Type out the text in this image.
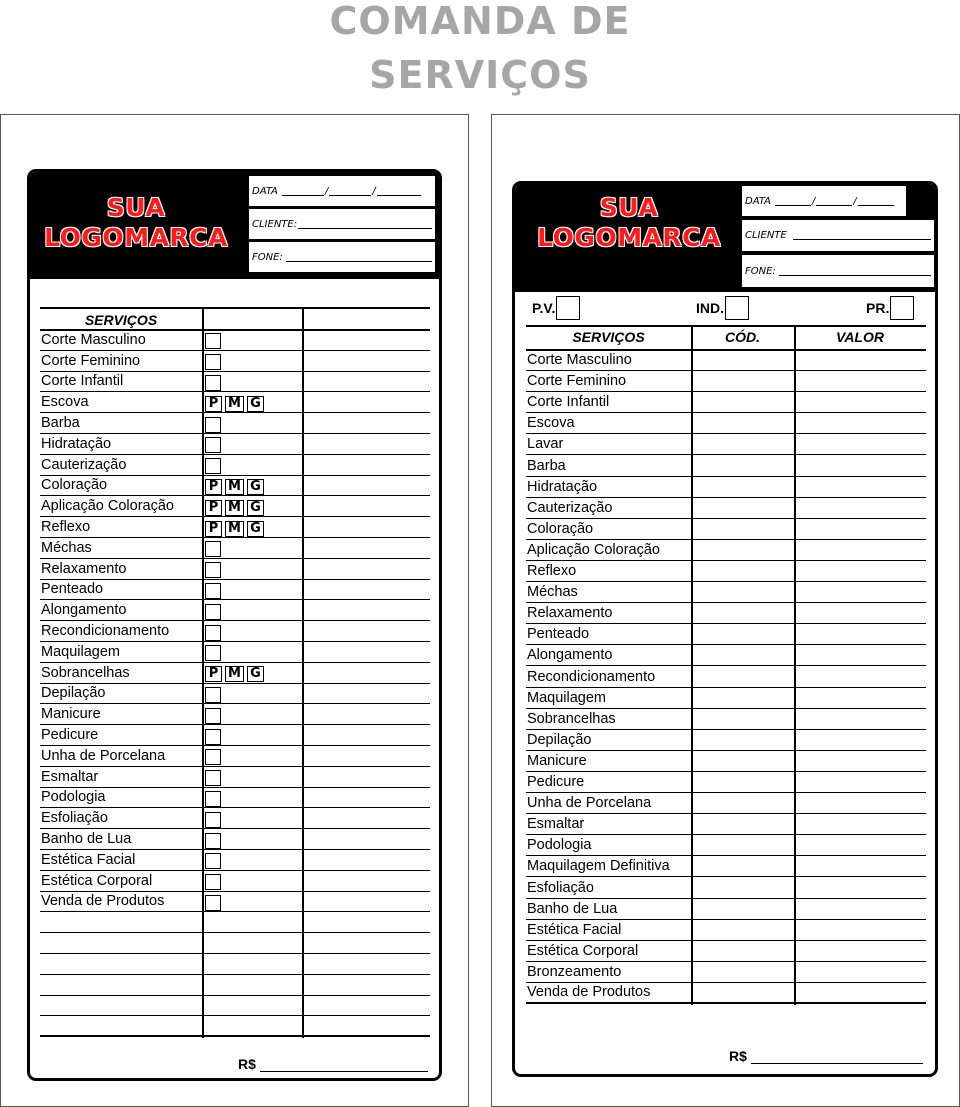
COMANDA DE
SERVIÇOS
SUA
LOGOMARCA
DATA	/	/
CLIENTE:
FONE:
SERVIÇOS
Corte Masculino
Corte Feminino
Corte Infantil
Escova	P M G
Barba
Hidratação
Cauterização
Coloração	P M G
Aplicação Coloração	P M G
Reflexo	P M G
Méchas
Relaxamento
Penteado
Alongamento
Recondicionamento
Maquilagem
Sobrancelhas	P M G
Depilação
Manicure
Pedicure
Unha de Porcelana
Esmaltar
Podologia
Esfoliação
Banho de Lua
Estética Facial
Estética Corporal
Venda de Produtos
R$
SUA
LOGOMARCA
DATA	/	/
CLIENTE
FONE:
P.V.	IND.	PR.
SERVIÇOS	CÓD.	VALOR
Corte Masculino
Corte Feminino
Corte Infantil
Escova
Lavar
Barba
Hidratação
Cauterização
Coloração
Aplicação Coloração
Reflexo
Méchas
Relaxamento
Penteado
Alongamento
Recondicionamento
Maquilagem
Sobrancelhas
Depilação
Manicure
Pedicure
Unha de Porcelana
Esmaltar
Podologia
Maquilagem Definitiva
Esfoliação
Banho de Lua
Estética Facial
Estética Corporal
Bronzeamento
Venda de Produtos
R$
